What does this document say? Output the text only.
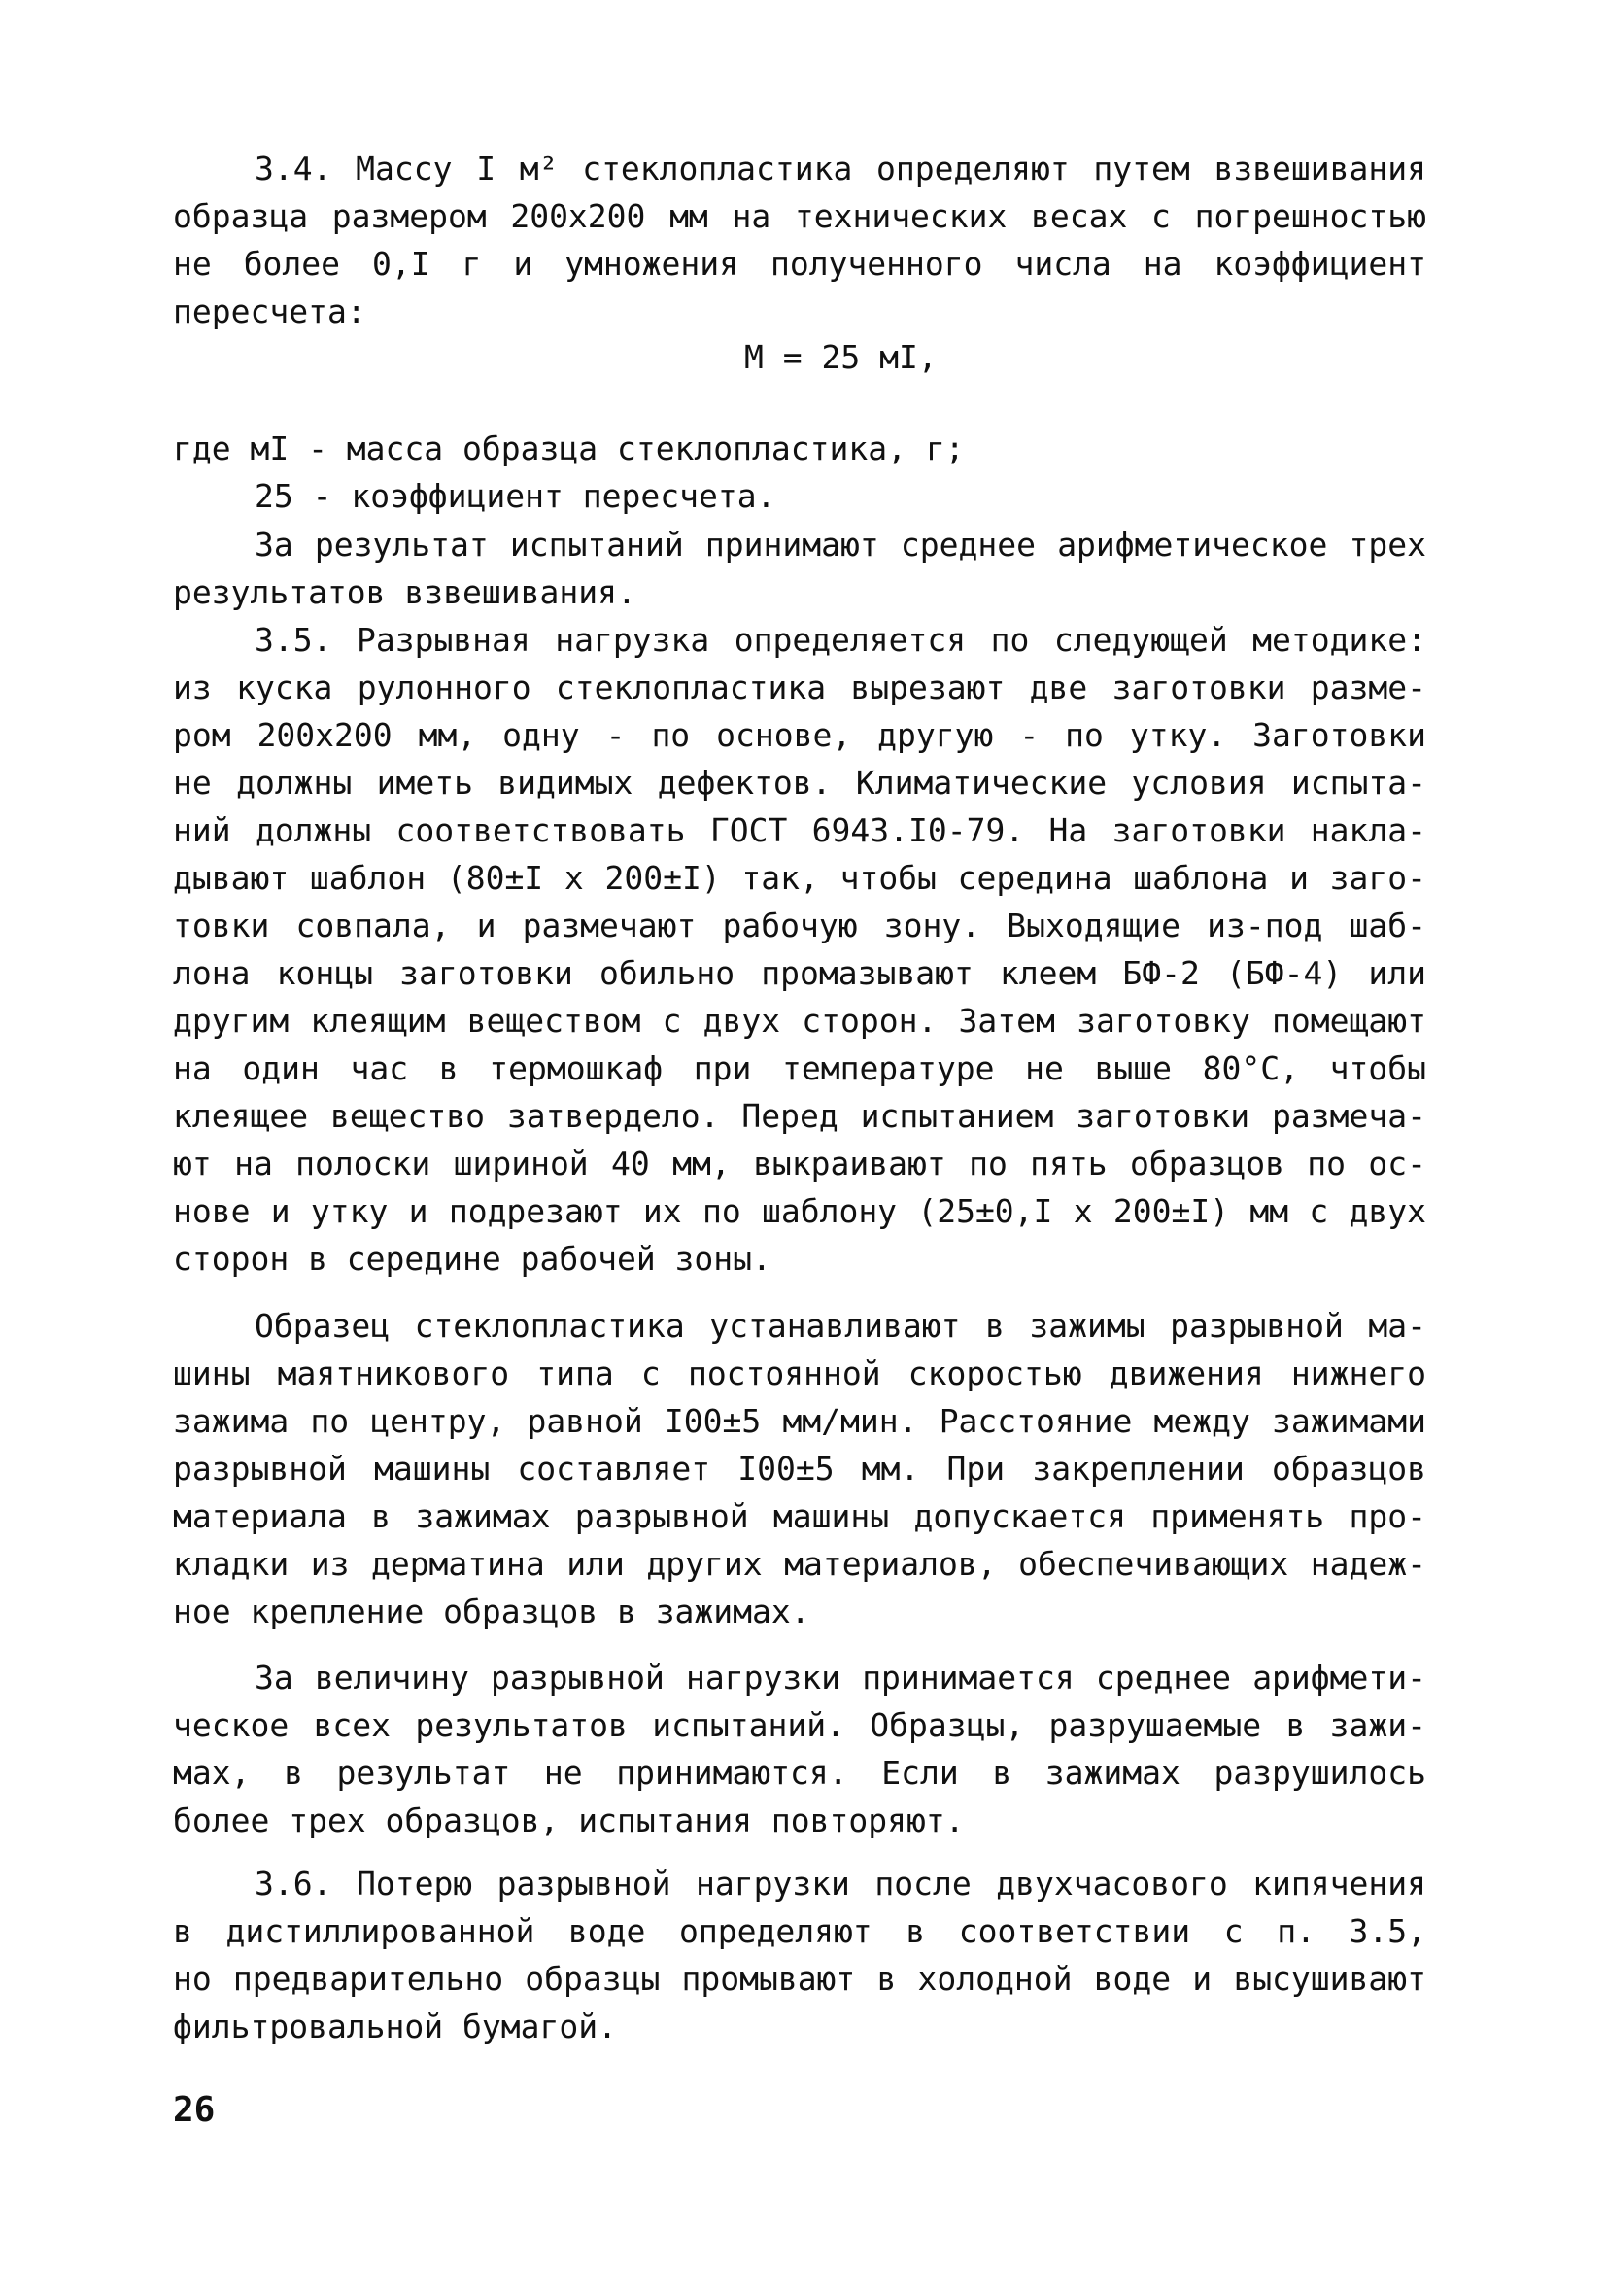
3.4. Массу I м² стеклопластика определяют путем взвешивания
образца размером 200x200 мм на технических весах с погрешностью
не более 0,I г и умножения полученного числа на коэффициент
пересчета:
M = 25 мI,
где мI - масса образца стеклопластика, г;
25 - коэффициент пересчета.
За результат испытаний принимают среднее арифметическое трех
результатов взвешивания.
3.5. Разрывная нагрузка определяется по следующей методике:
из куска рулонного стеклопластика вырезают две заготовки разме-
ром 200x200 мм, одну - по основе, другую - по утку. Заготовки
не должны иметь видимых дефектов. Климатические условия испыта-
ний должны соответствовать ГОСТ 6943.I0-79. На заготовки накла-
дывают шаблон (80±I x 200±I) так, чтобы середина шаблона и заго-
товки совпала, и размечают рабочую зону. Выходящие из-под шаб-
лона концы заготовки обильно промазывают клеем БФ-2 (БФ-4) или
другим клеящим веществом с двух сторон. Затем заготовку помещают
на один час в термошкаф при температуре не выше 80°C, чтобы
клеящее вещество затвердело. Перед испытанием заготовки размеча-
ют на полоски шириной 40 мм, выкраивают по пять образцов по ос-
нове и утку и подрезают их по шаблону (25±0,I x 200±I) мм с двух
сторон в середине рабочей зоны.
Образец стеклопластика устанавливают в зажимы разрывной ма-
шины маятникового типа с постоянной скоростью движения нижнего
зажима по центру, равной I00±5 мм/мин. Расстояние между зажимами
разрывной машины составляет I00±5 мм. При закреплении образцов
материала в зажимах разрывной машины допускается применять про-
кладки из дерматина или других материалов, обеспечивающих надеж-
ное крепление образцов в зажимах.
За величину разрывной нагрузки принимается среднее арифмети-
ческое всех результатов испытаний. Образцы, разрушаемые в зажи-
мах, в результат не принимаются. Если в зажимах разрушилось
более трех образцов, испытания повторяют.
3.6. Потерю разрывной нагрузки после двухчасового кипячения
в дистиллированной воде определяют в соответствии с п. 3.5,
но предварительно образцы промывают в холодной воде и высушивают
фильтровальной бумагой.
26
